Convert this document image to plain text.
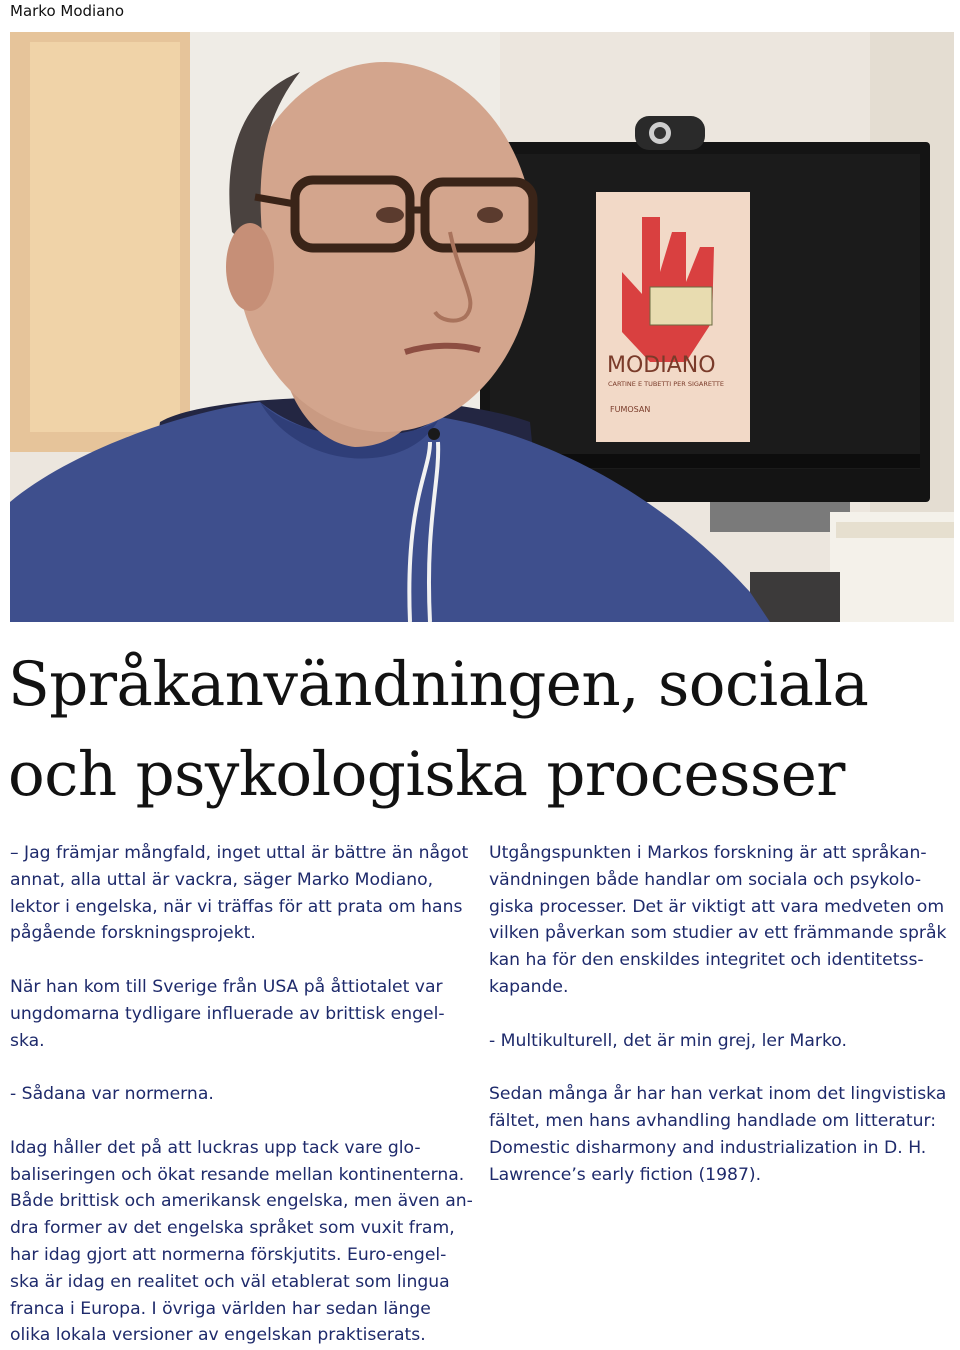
Marko Modiano
MODIANO
CARTINE E TUBETTI PER SIGARETTE
FUMOSAN
Språkanvändningen, sociala
och psykologiska processer

– Jag främjar mångfald, inget uttal är bättre än något
annat, alla uttal är vackra, säger Marko Modiano,
lektor i engelska, när vi träffas för att prata om hans
pågående forskningsprojekt.

När han kom till Sverige från USA på åttiotalet var
ungdomarna tydligare influerade av brittisk engel-
ska.

- Sådana var normerna.

Idag håller det på att luckras upp tack vare glo-
baliseringen och ökat resande mellan kontinenterna.
Både brittisk och amerikansk engelska, men även an-
dra former av det engelska språket som vuxit fram,
har idag gjort att normerna förskjutits. Euro-engel-
ska är idag en realitet och väl etablerat som lingua
franca i Europa. I övriga världen har sedan länge
olika lokala versioner av engelskan praktiserats.

Utgångspunkten i Markos forskning är att språkan-
vändningen både handlar om sociala och psykolo-
giska processer. Det är viktigt att vara medveten om
vilken påverkan som studier av ett främmande språk
kan ha för den enskildes integritet och identitetss-
kapande.

- Multikulturell, det är min grej, ler Marko.

Sedan många år har han verkat inom det lingvistiska
fältet, men hans avhandling handlade om litteratur:
Domestic disharmony and industrialization in D. H.
Lawrence’s early fiction (1987).
